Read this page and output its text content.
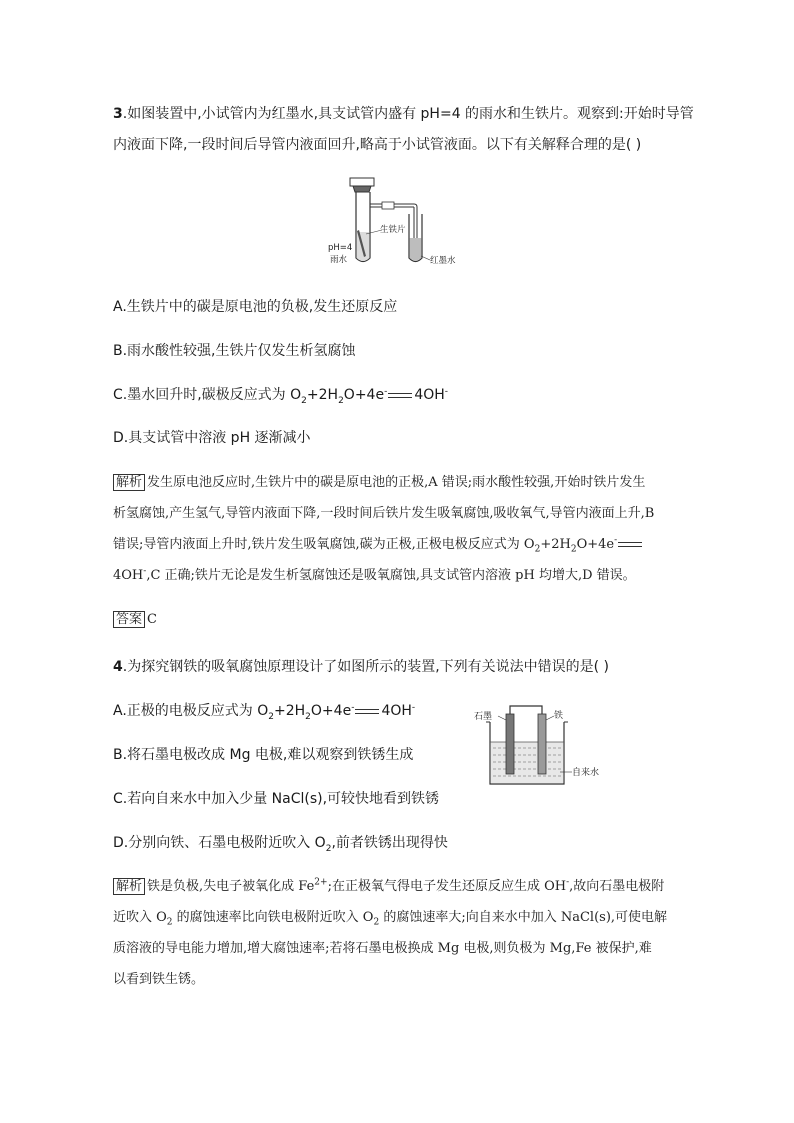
3.如图装置中,小试管内为红墨水,具支试管内盛有 pH=4 的雨水和生铁片。观察到:开始时导管
内液面下降,一段时间后导管内液面回升,略高于小试管液面。以下有关解释合理的是( )
生铁片
pH=4
雨水	红墨水
A.生铁片中的碳是原电池的负极,发生还原反应
B.雨水酸性较强,生铁片仅发生析氢腐蚀
C.墨水回升时,碳极反应式为 $O_2+2H_2O+4e^-$ 4OH-
D.具支试管中溶液 pH 逐渐减小
解析 发生原电池反应时,生铁片中的碳是原电池的正极,A 错误;雨水酸性较强,开始时铁片发生
析氢腐蚀,产生氢气,导管内液面下降,一段时间后铁片发生吸氧腐蚀,吸收氧气,导管内液面上升,B
错误;导管内液面上升时,铁片发生吸氧腐蚀,碳为正极,正极电极反应式为 $O_2+2H_2O+4e^-$
4OH-,C 正确;铁片无论是发生析氢腐蚀还是吸氧腐蚀,具支试管内溶液 pH 均增大,D 错误。
答案 C
4.为探究钢铁的吸氧腐蚀原理设计了如图所示的装置,下列有关说法中错误的是( )
A.正极的电极反应式为 $O_2+2H_2O+4e^-$ 4OH-
B.将石墨电极改成 Mg 电极,难以观察到铁锈生成
C.若向自来水中加入少量 NaCl(s),可较快地看到铁锈
D.分别向铁、石墨电极附近吹入 $O_2$,前者铁锈出现得快
石墨	铁
自来水
解析 铁是负极,失电子被氧化成 $Fe^{2+}$;在正极氧气得电子发生还原反应生成 OH-,故向石墨电极附
近吹入 $O_2$ 的腐蚀速率比向铁电极附近吹入 $O_2$ 的腐蚀速率大;向自来水中加入 NaCl(s),可使电解
质溶液的导电能力增加,增大腐蚀速率;若将石墨电极换成 Mg 电极,则负极为 Mg,Fe 被保护,难
以看到铁生锈。
